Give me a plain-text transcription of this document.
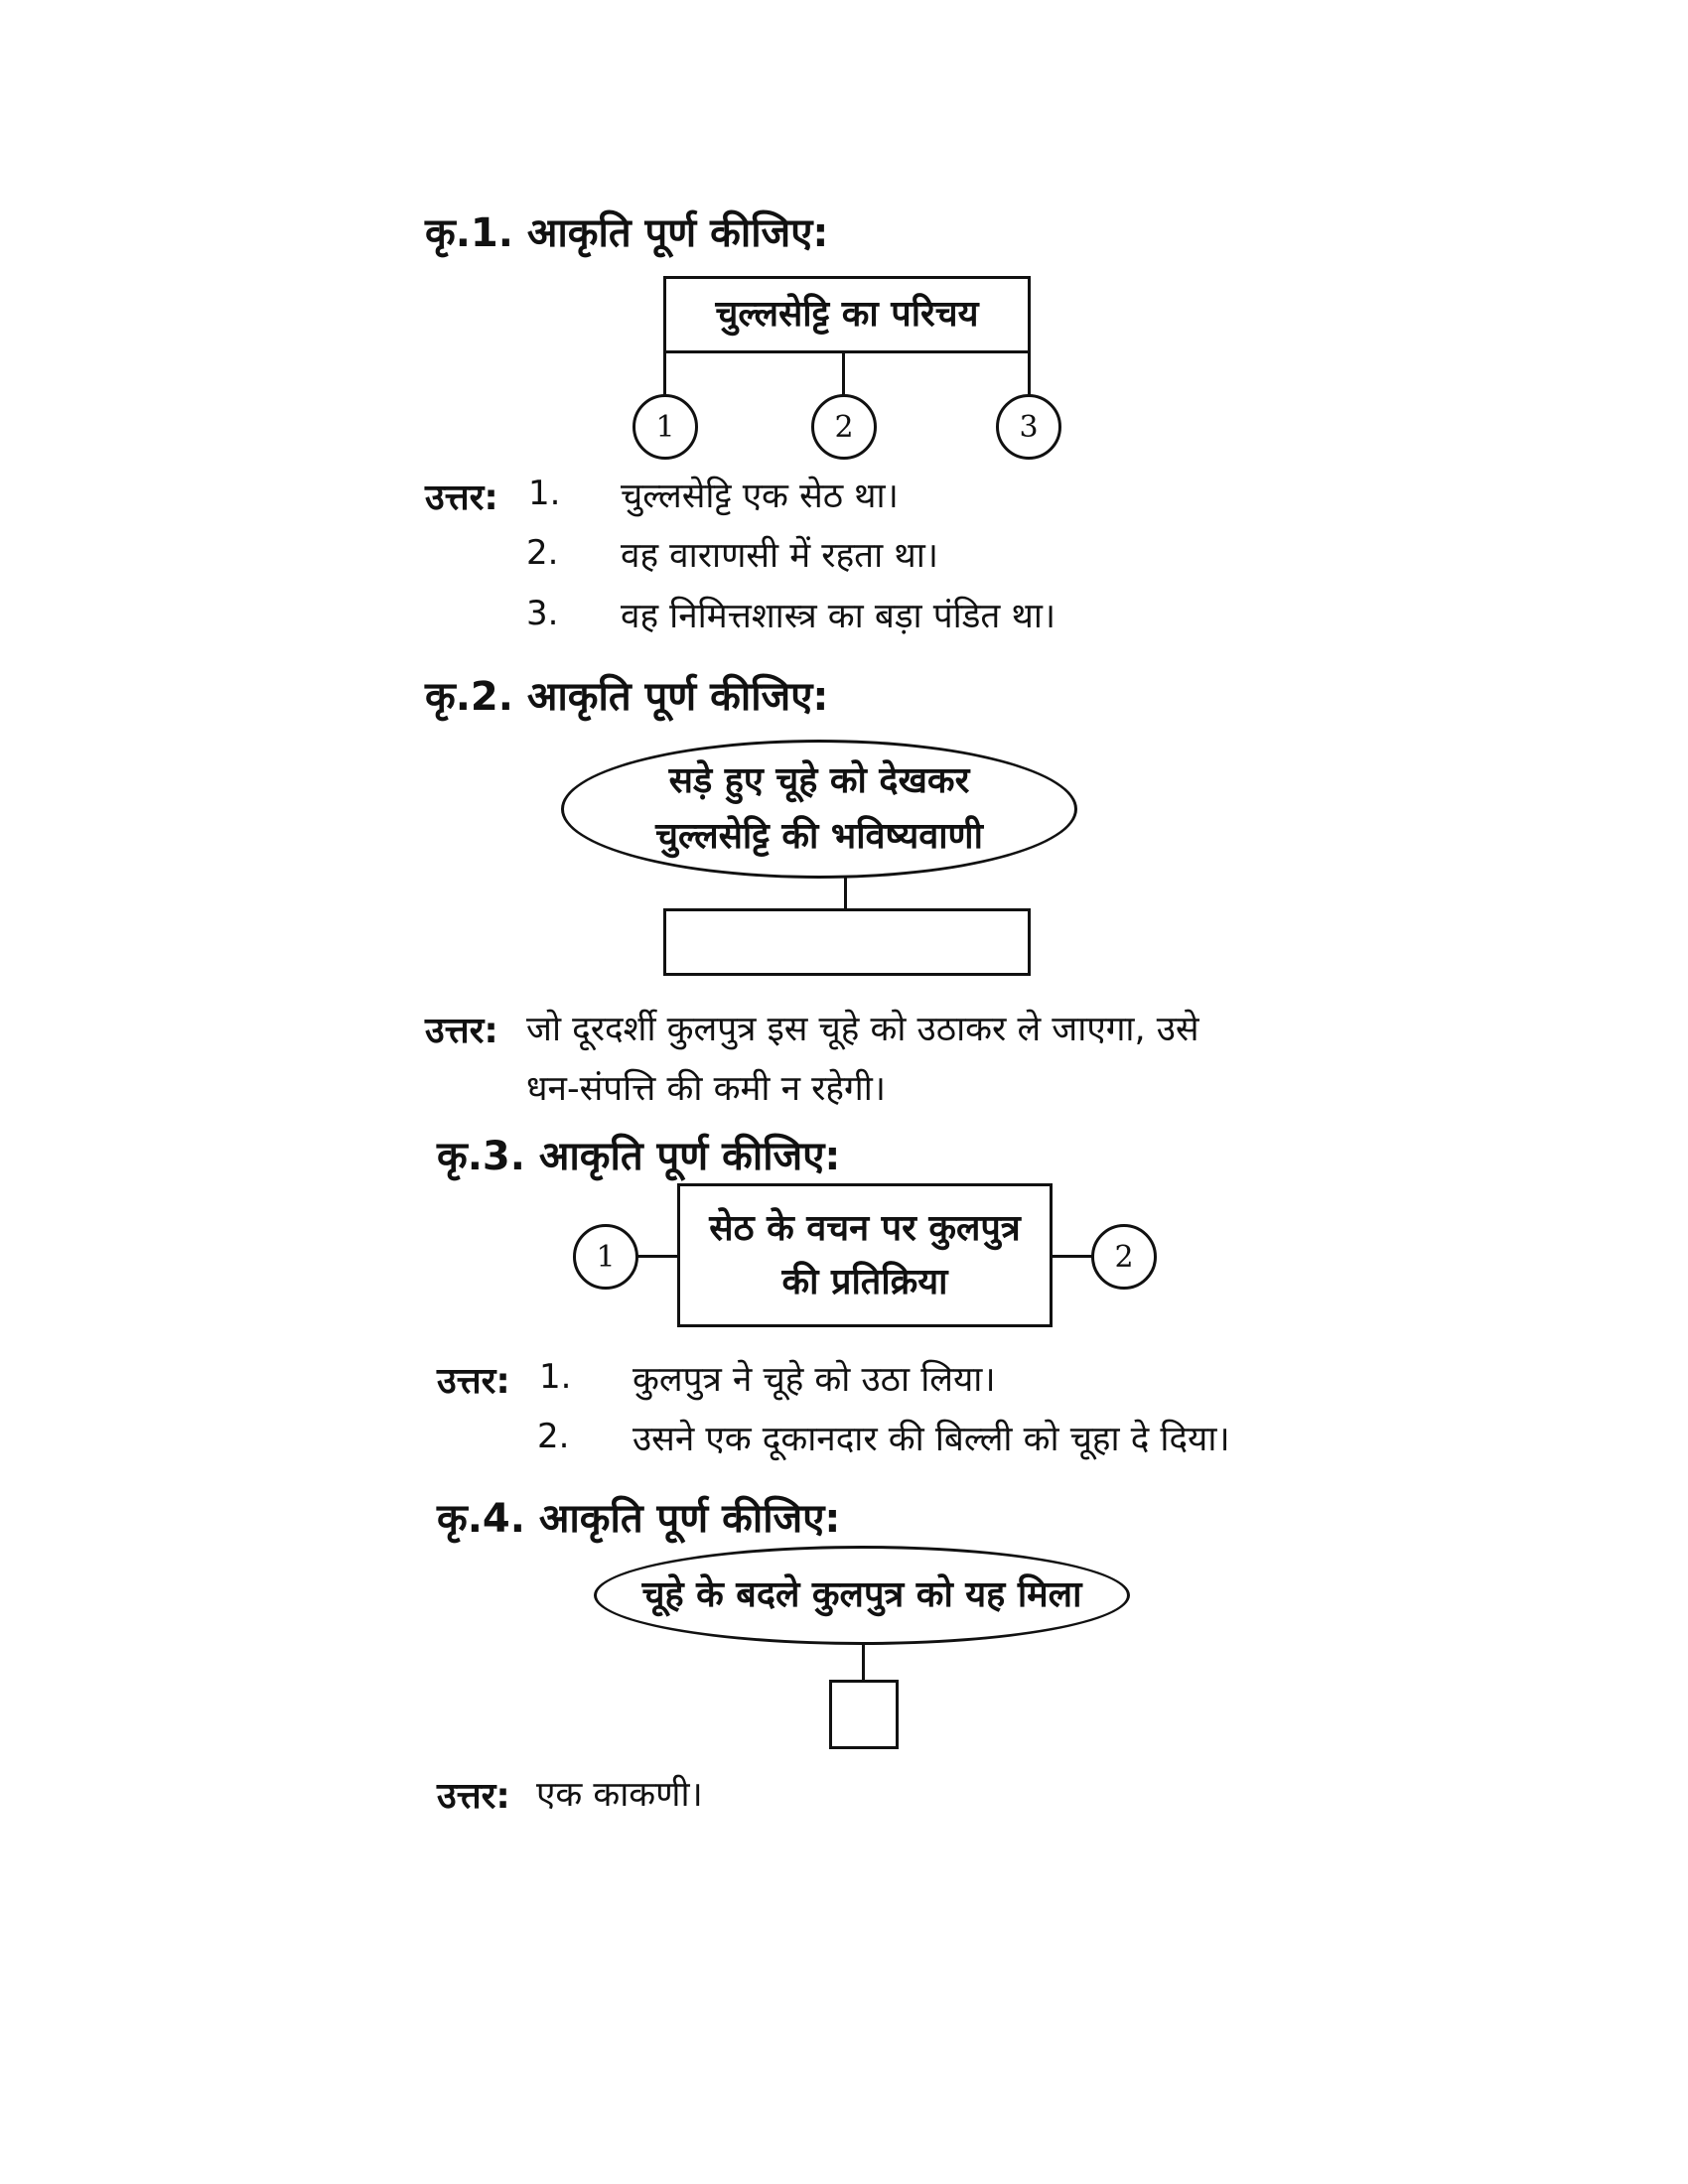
कृ.1. आकृति पूर्ण कीजिए:
चुल्लसेट्टि का परिचय
1	2	3
उत्तर: 1. चुल्लसेट्टि एक सेठ था।
2. वह वाराणसी में रहता था।
3. वह निमित्तशास्त्र का बड़ा पंडित था।
कृ.2. आकृति पूर्ण कीजिए:
सड़े हुए चूहे को देखकर
चुल्लसेट्टि की भविष्यवाणी
उत्तर: जो दूरदर्शी कुलपुत्र इस चूहे को उठाकर ले जाएगा, उसे
धन-संपत्ति की कमी न रहेगी।
कृ.3. आकृति पूर्ण कीजिए:
1
सेठ के वचन पर कुलपुत्र
की प्रतिक्रिया
2
उत्तर: 1. कुलपुत्र ने चूहे को उठा लिया।
2. उसने एक दूकानदार की बिल्ली को चूहा दे दिया।
कृ.4. आकृति पूर्ण कीजिए:
चूहे के बदले कुलपुत्र को यह मिला
उत्तर: एक काकणी।
